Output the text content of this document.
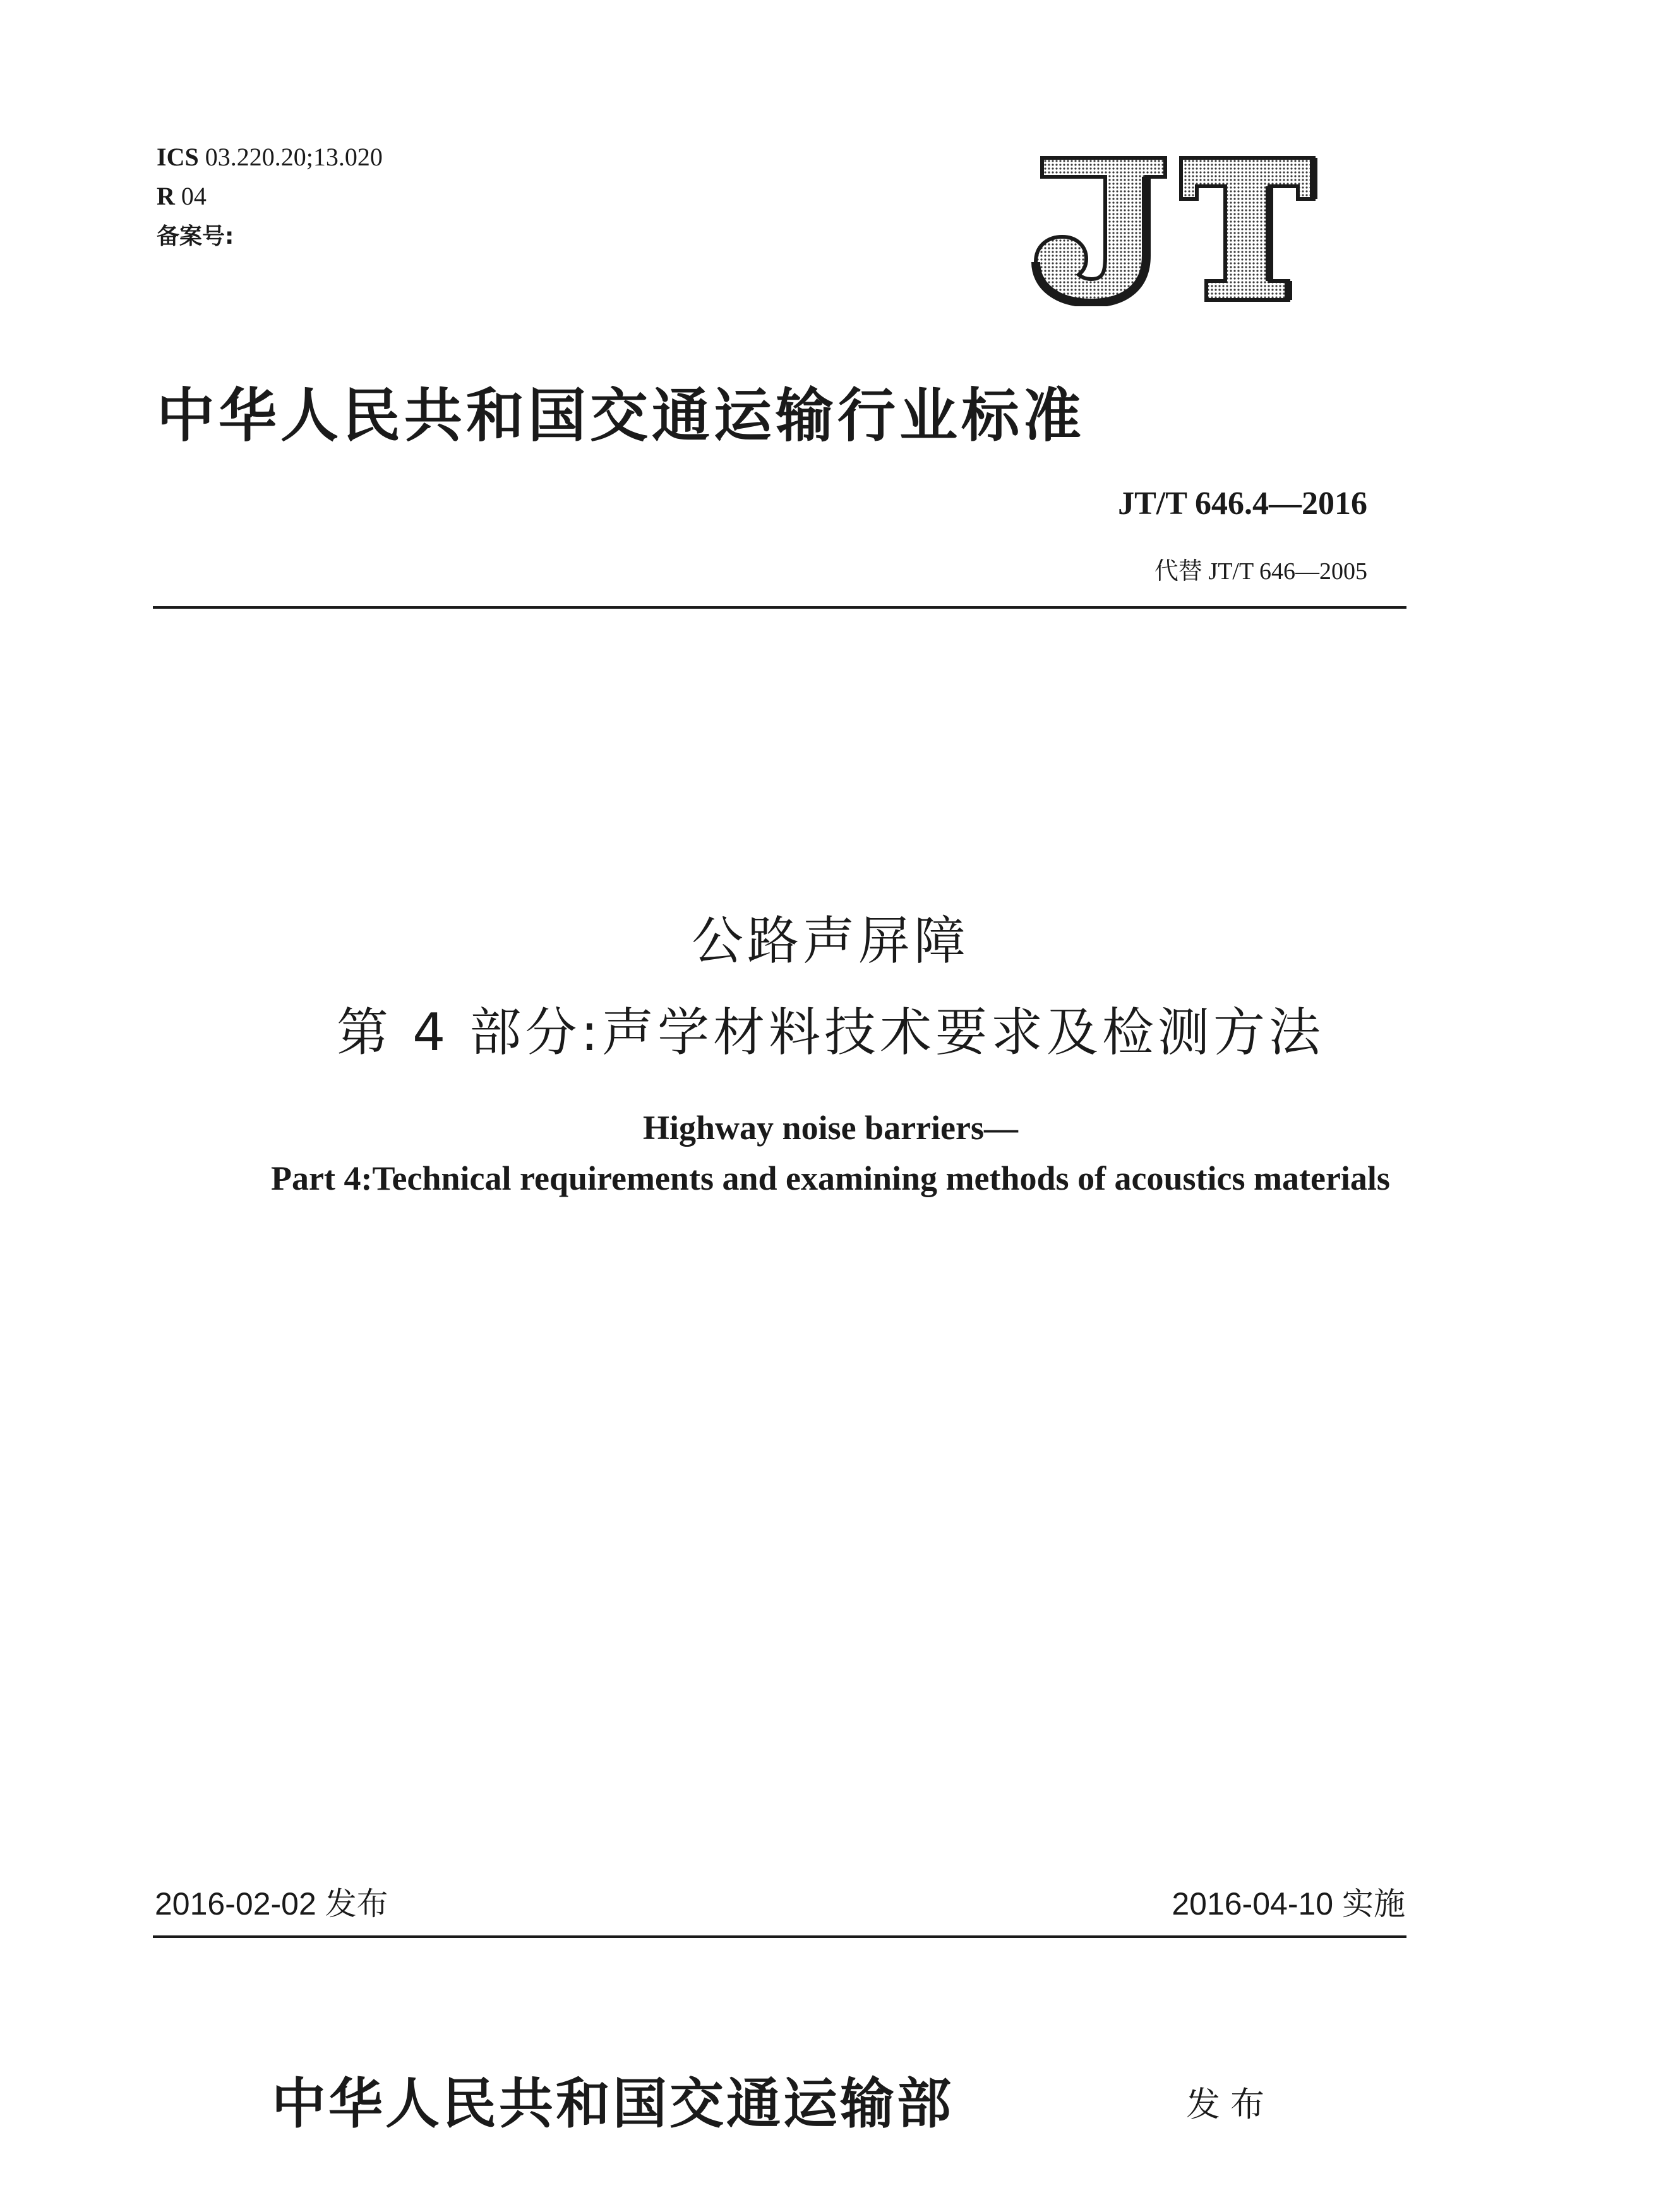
ICS 03.220.20;13.020
R 04
备案号:
中华人民共和国交通运输行业标准
JT/T 646.4—2016
代替 JT/T 646—2005
公路声屏障
第 4 部分:声学材料技术要求及检测方法
Highway noise barriers—
Part 4:Technical requirements and examining methods of acoustics materials
2016-02-02 发布	2016-04-10 实施
中华人民共和国交通运输部	发布
